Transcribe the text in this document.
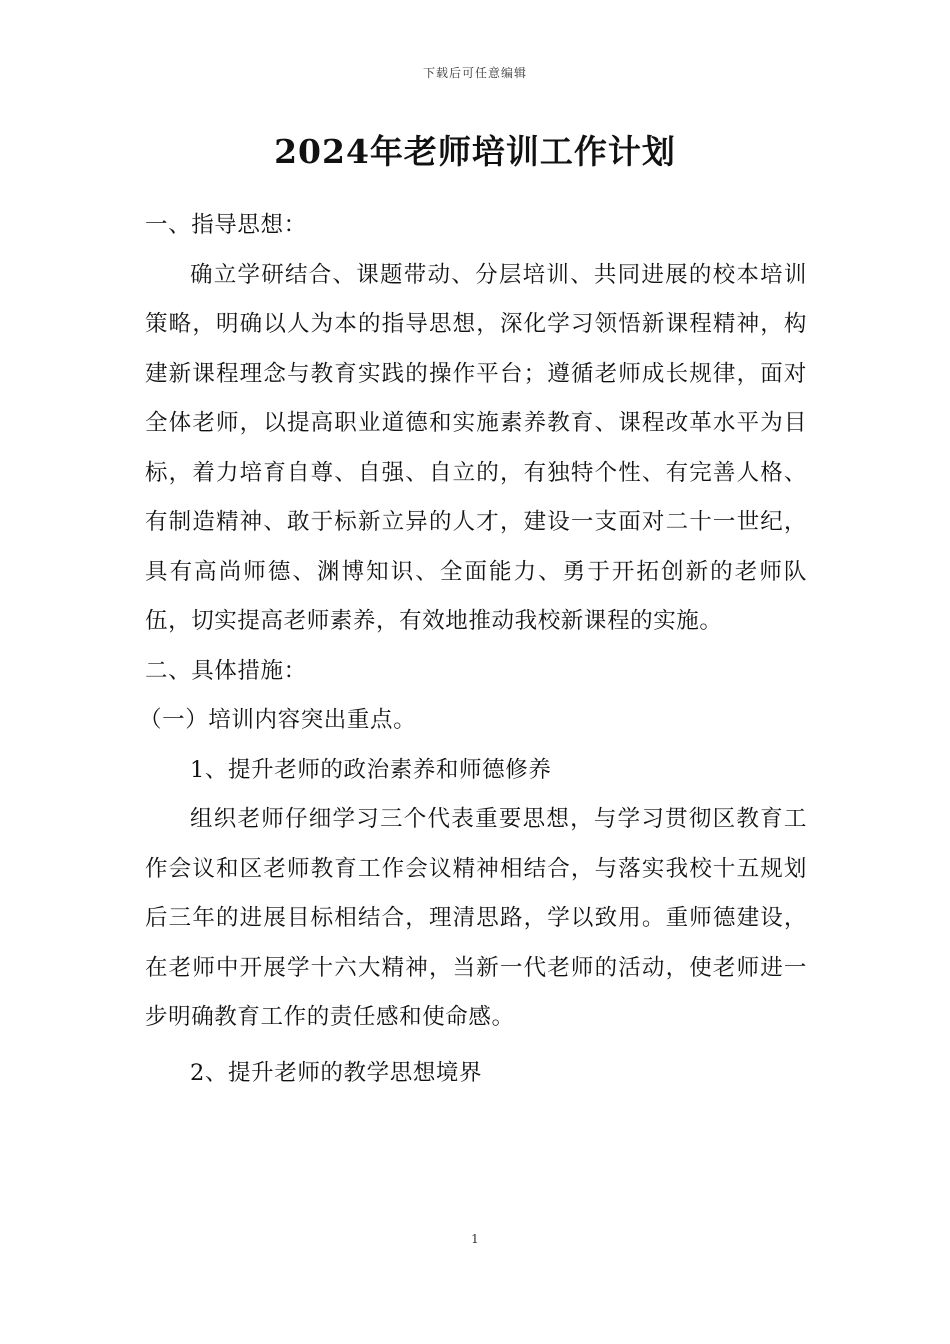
下载后可任意编辑
2024年老师培训工作计划

一、指导思想：

确立学研结合、课题带动、分层培训、共同进展的校本培训策略，明确以人为本的指导思想，深化学习领悟新课程精神，构建新课程理念与教育实践的操作平台；遵循老师成长规律，面对全体老师，以提高职业道德和实施素养教育、课程改革水平为目标，着力培育自尊、自强、自立的，有独特个性、有完善人格、有制造精神、敢于标新立异的人才，建设一支面对二十一世纪，具有高尚师德、渊博知识、全面能力、勇于开拓创新的老师队伍，切实提高老师素养，有效地推动我校新课程的实施。

二、具体措施：

（一）培训内容突出重点。

1、提升老师的政治素养和师德修养

组织老师仔细学习三个代表重要思想，与学习贯彻区教育工作会议和区老师教育工作会议精神相结合，与落实我校十五规划后三年的进展目标相结合，理清思路，学以致用。重师德建设，在老师中开展学十六大精神，当新一代老师的活动，使老师进一步明确教育工作的责任感和使命感。

2、提升老师的教学思想境界

1
